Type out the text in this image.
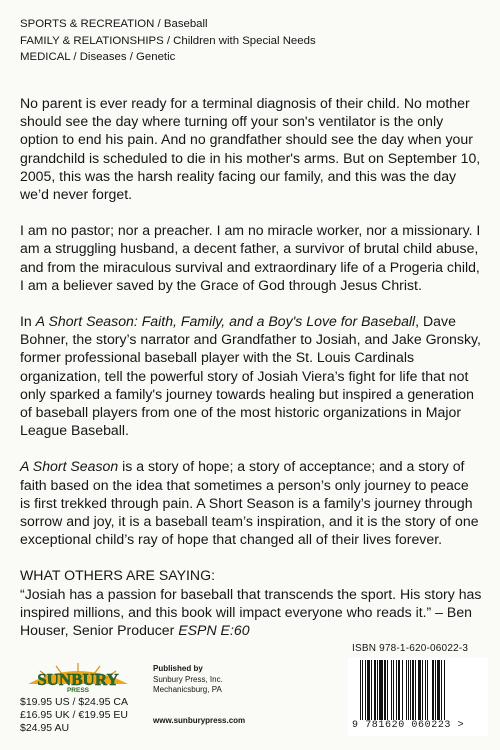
SPORTS & RECREATION / Baseball
FAMILY & RELATIONSHIPS / Children with Special Needs
MEDICAL / Diseases / Genetic

No parent is ever ready for a terminal diagnosis of their child. No mother should see the day where turning off your son's ventilator is the only option to end his pain. And no grandfather should see the day when your grandchild is scheduled to die in his mother's arms. But on September 10, 2005, this was the harsh reality facing our family, and this was the day we’d never forget.

I am no pastor; nor a preacher. I am no miracle worker, nor a missionary. I am a struggling husband, a decent father, a survivor of brutal child abuse, and from the miraculous survival and extraordinary life of a Progeria child, I am a believer saved by the Grace of God through Jesus Christ.

In A Short Season: Faith, Family, and a Boy's Love for Baseball, Dave Bohner, the story’s narrator and Grandfather to Josiah, and Jake Gronsky, former professional baseball player with the St. Louis Cardinals organization, tell the powerful story of Josiah Viera’s fight for life that not only sparked a family's journey towards healing but inspired a generation of baseball players from one of the most historic organizations in Major League Baseball.

A Short Season is a story of hope; a story of acceptance; and a story of faith based on the idea that sometimes a person’s only journey to peace is first trekked through pain. A Short Season is a family’s journey through sorrow and joy, it is a baseball team’s inspiration, and it is the story of one exceptional child’s ray of hope that changed all of their lives forever.

WHAT OTHERS ARE SAYING:

“Josiah has a passion for baseball that transcends the sport. His story has inspired millions, and this book will impact everyone who reads it.” – Ben Houser, Senior Producer ESPN E:60

SUNBURY
PRESS
$19.95 US / $24.95 CA
£16.95 UK / €19.95 EU
$24.95 AU
Published by
Sunbury Press, Inc.
Mechanicsburg, PA
www.sunburypress.com
ISBN 978-1-620-06022-3
9 781620 060223 >
